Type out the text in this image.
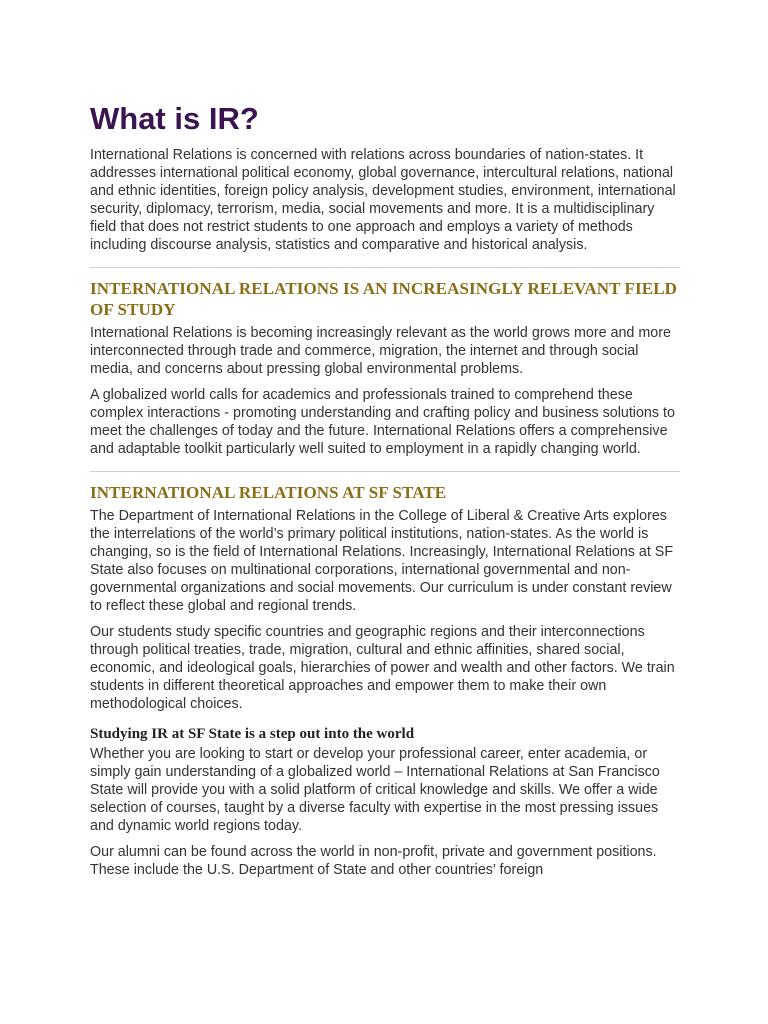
What is IR?

International Relations is concerned with relations across boundaries of nation-states. It addresses international political economy, global governance, intercultural relations, national and ethnic identities, foreign policy analysis, development studies, environment, international security, diplomacy, terrorism, media, social movements and more. It is a multidisciplinary field that does not restrict students to one approach and employs a variety of methods including discourse analysis, statistics and comparative and historical analysis.

INTERNATIONAL RELATIONS IS AN INCREASINGLY RELEVANT FIELD OF STUDY

International Relations is becoming increasingly relevant as the world grows more and more interconnected through trade and commerce, migration, the internet and through social media, and concerns about pressing global environmental problems.

A globalized world calls for academics and professionals trained to comprehend these complex interactions - promoting understanding and crafting policy and business solutions to meet the challenges of today and the future. International Relations offers a comprehensive and adaptable toolkit particularly well suited to employment in a rapidly changing world.

INTERNATIONAL RELATIONS AT SF STATE

The Department of International Relations in the College of Liberal & Creative Arts explores the interrelations of the world’s primary political institutions, nation-states. As the world is changing, so is the field of International Relations. Increasingly, International Relations at SF State also focuses on multinational corporations, international governmental and non-governmental organizations and social movements. Our curriculum is under constant review to reflect these global and regional trends.

Our students study specific countries and geographic regions and their interconnections through political treaties, trade, migration, cultural and ethnic affinities, shared social, economic, and ideological goals, hierarchies of power and wealth and other factors. We train students in different theoretical approaches and empower them to make their own methodological choices.

Studying IR at SF State is a step out into the world

Whether you are looking to start or develop your professional career, enter academia, or simply gain understanding of a globalized world – International Relations at San Francisco State will provide you with a solid platform of critical knowledge and skills. We offer a wide selection of courses, taught by a diverse faculty with expertise in the most pressing issues and dynamic world regions today.

Our alumni can be found across the world in non-profit, private and government positions. These include the U.S. Department of State and other countries’ foreign
